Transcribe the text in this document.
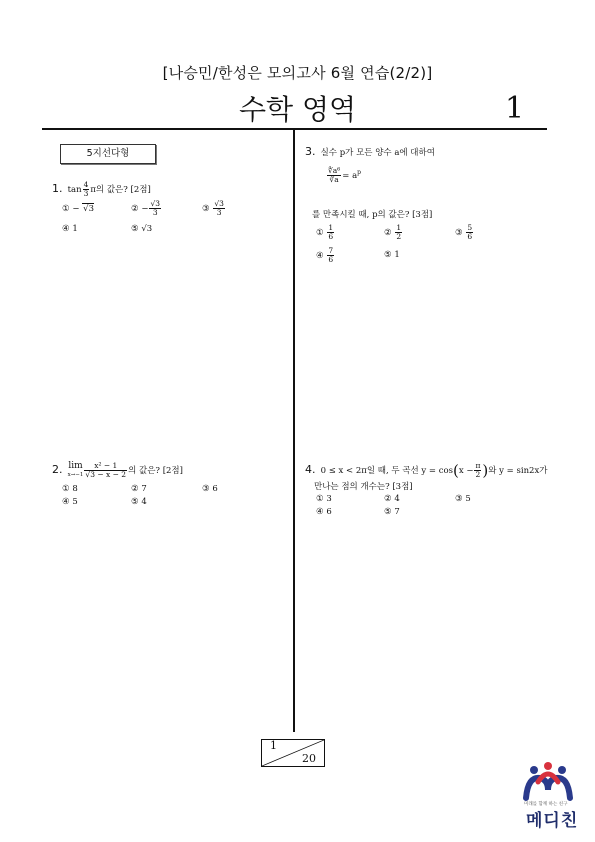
[나승민/한성은 모의고사 6월 연습(2/2)]
수학 영역	1
5지선다형
1. $\tan \frac{4}{3}$ π의 값은? [2점]
① − √3	② − $\frac{√3}{3}$	③ $\frac{√3}{3}$
④ 1	⑤ √3
2. lim
$x\to-1 \frac{\text{x² − 1}}{√3 - x - 2}$ 의 값은? [2점]
① 8	② 7	③ 6
④ 5	⑤ 4
3. 실수 p가 모든 양수 a에 대하여
$\frac{\text{∜a⁶}}{∛a} = a^p$
를 만족시킬 때, p의 값은? [3점]
① $\frac{1}{6}$	② $\frac{1}{2}$	③ $\frac{5}{6}$
④ $\frac{7}{6}$	⑤ 1
4. 0 ≤ x < 2π일 때, 두 곡선 $y = \cos(x - \frac{\pi}{2}$ )와 y = sin2x가
만나는 점의 개수는? [3점]
① 3	② 4	③ 5
④ 6	⑤ 7
1
20
미래를 함께 하는 친구
메디친
